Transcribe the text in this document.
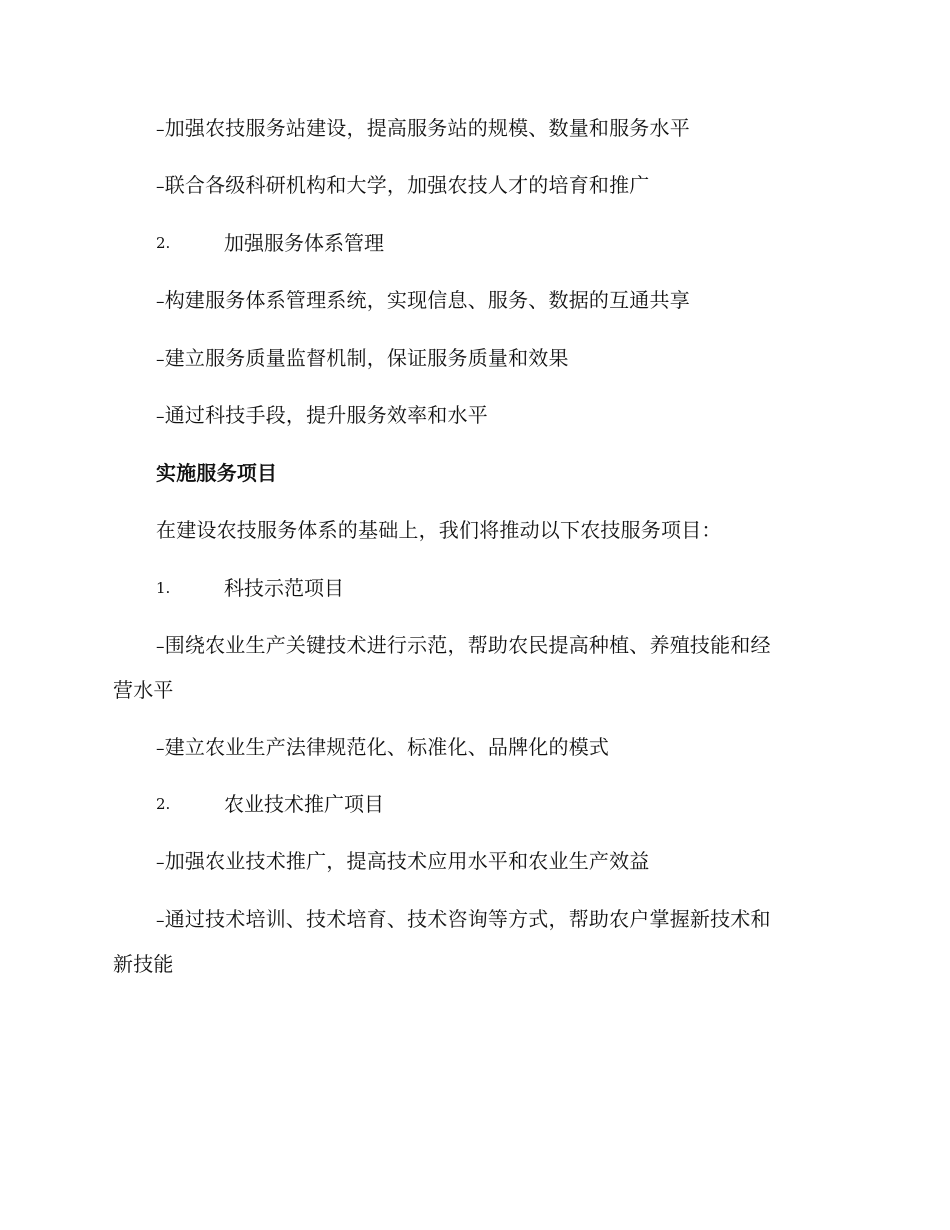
–加强农技服务站建设，提高服务站的规模、数量和服务水平
–联合各级科研机构和大学，加强农技人才的培育和推广
2.	加强服务体系管理
–构建服务体系管理系统，实现信息、服务、数据的互通共享
–建立服务质量监督机制，保证服务质量和效果
–通过科技手段，提升服务效率和水平
实施服务项目
在建设农技服务体系的基础上，我们将推动以下农技服务项目：
1.	科技示范项目
–围绕农业生产关键技术进行示范，帮助农民提高种植、养殖技能和经
营水平
–建立农业生产法律规范化、标准化、品牌化的模式
2.	农业技术推广项目
–加强农业技术推广，提高技术应用水平和农业生产效益
–通过技术培训、技术培育、技术咨询等方式，帮助农户掌握新技术和
新技能
